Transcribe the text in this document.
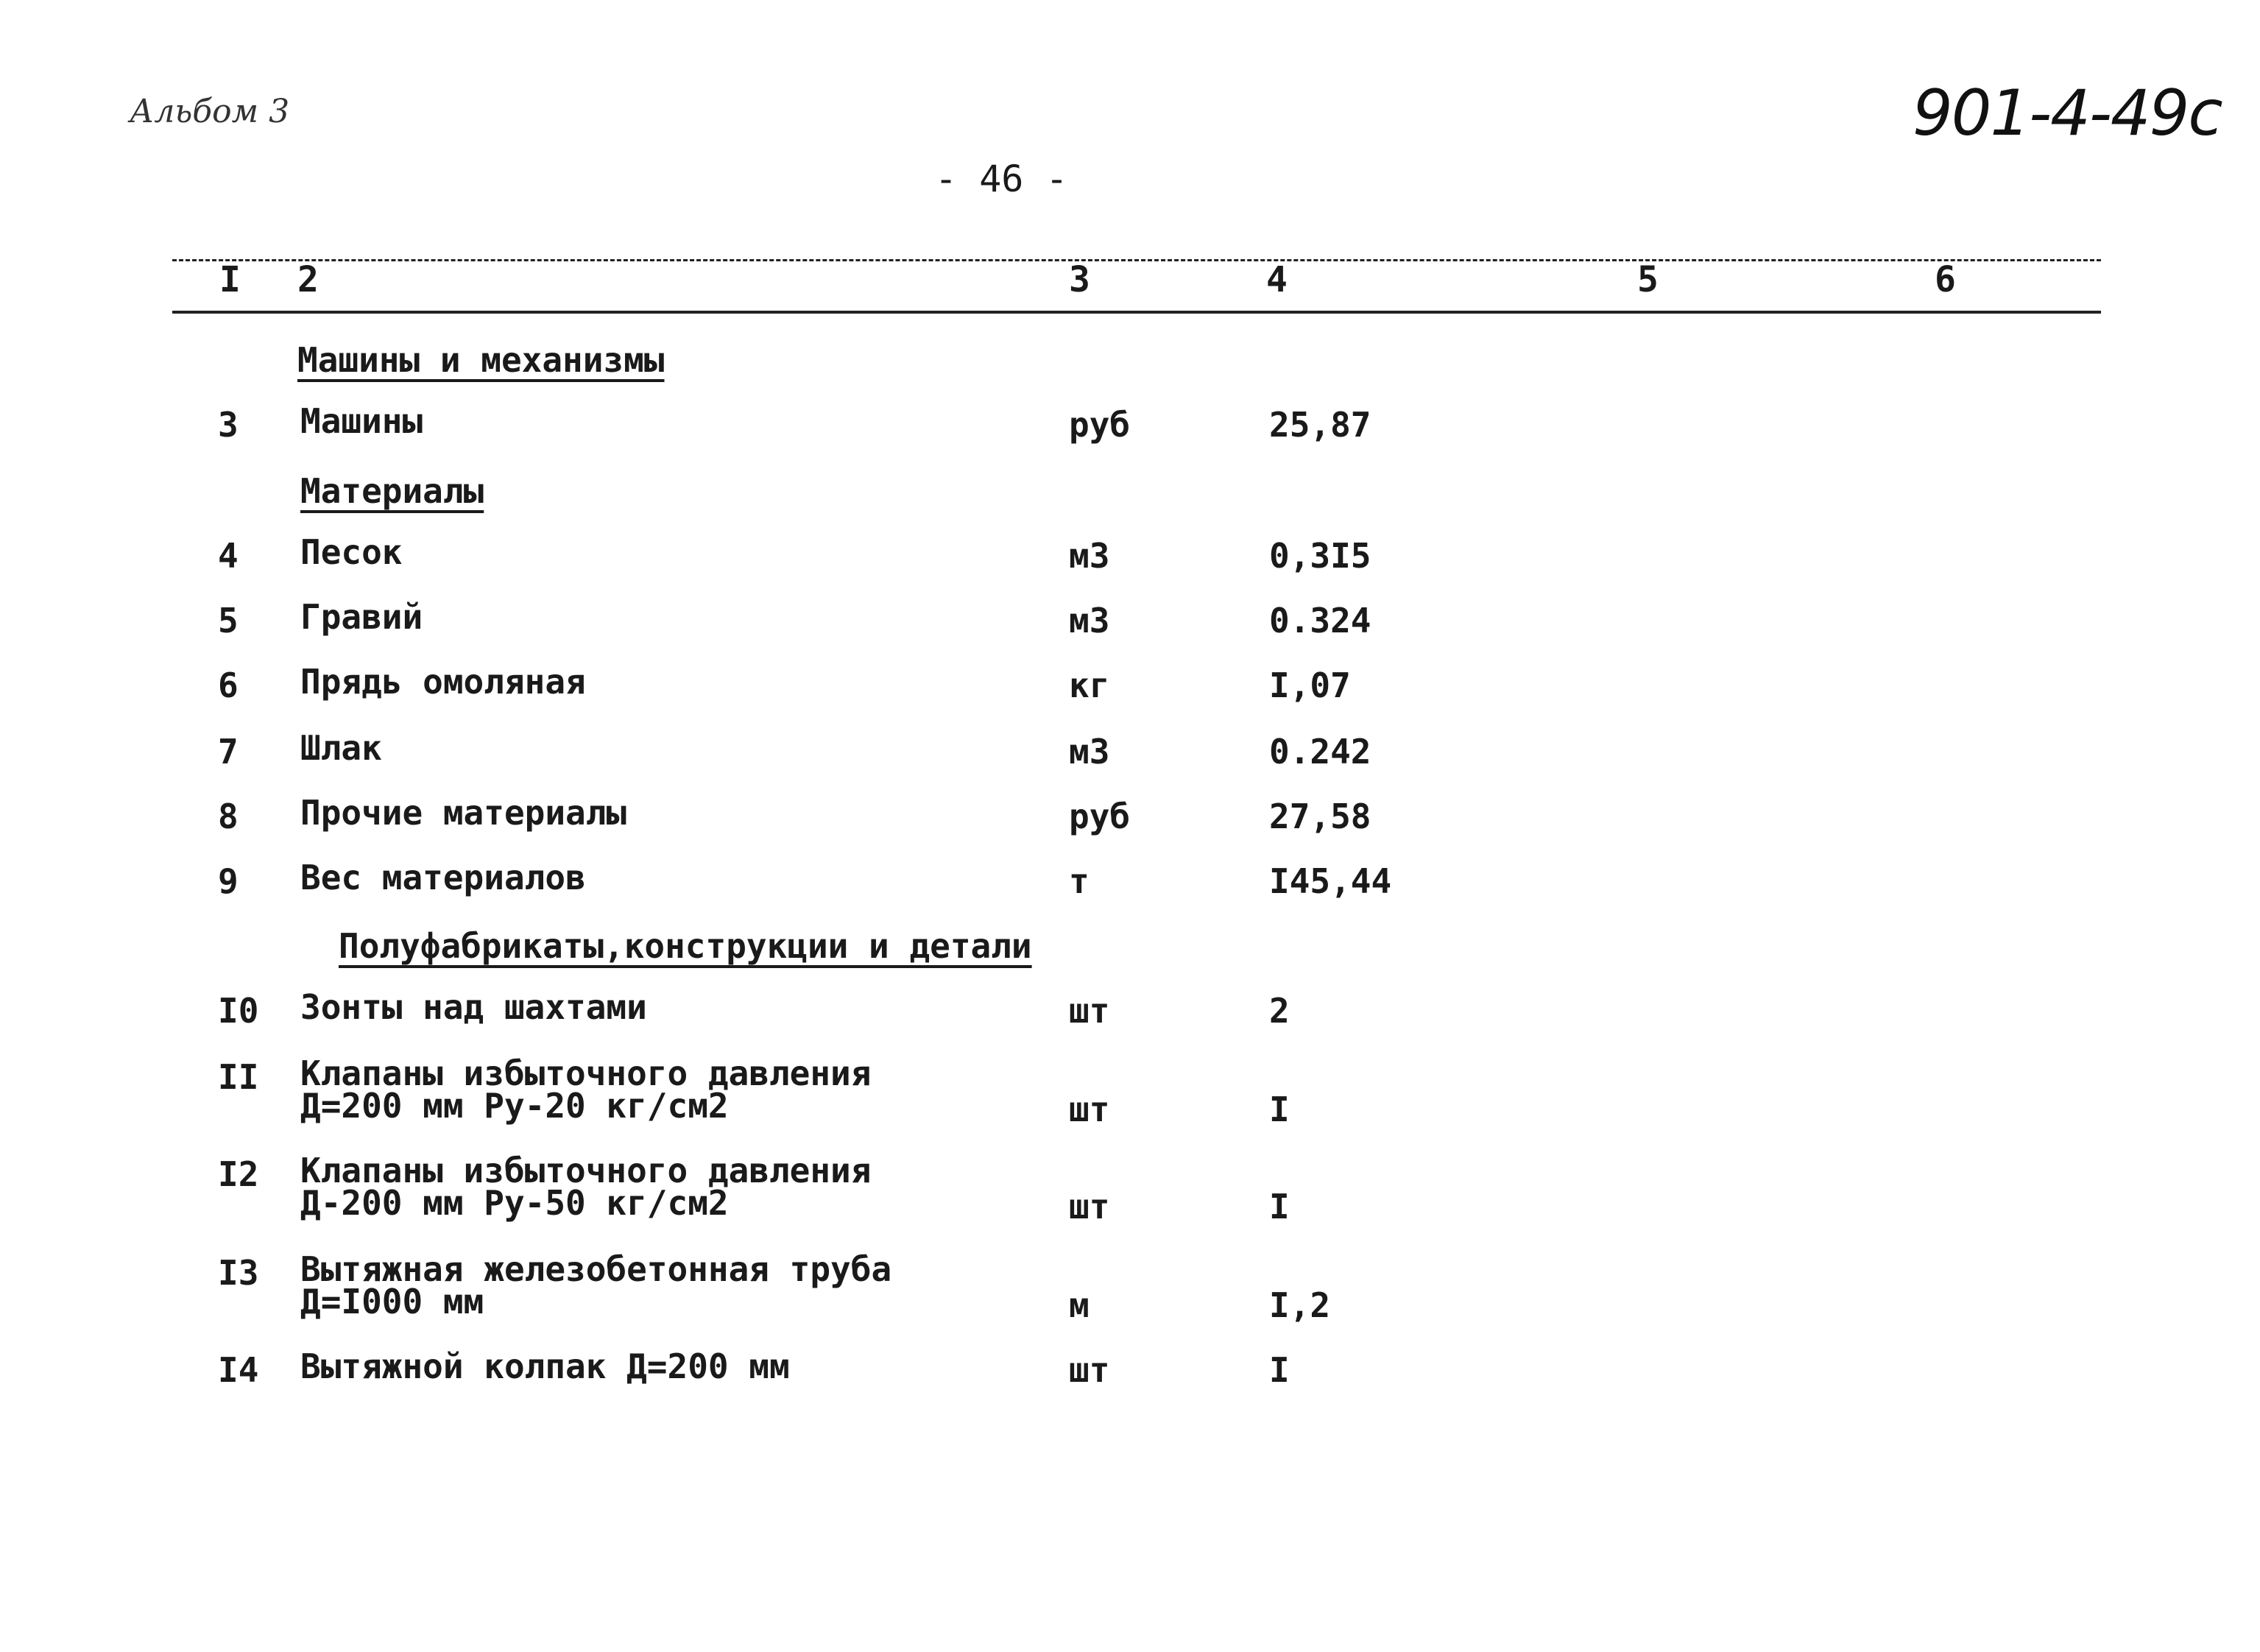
Альбом 3	901-4-49с
- 46 -
I 2	3	4	5	6
Машины и механизмы
3 Машины	руб	25,87
Материалы
4 Песок	м3	0,3I5
5 Гравий	м3	0.324
6 Прядь омоляная	кг	I,07
7 Шлак	м3	0.242
8 Прочие материалы	руб	27,58
9 Вес материалов	т	I45,44
Полуфабрикаты,конструкции и детали
I0 Зонты над шахтами	шт	2
II Клапаны избыточного давления
Д=200 мм Ру-20 кг/см2	шт	I
I2 Клапаны избыточного давления
Д-200 мм Ру-50 кг/см2	шт	I
I3 Вытяжная железобетонная труба
Д=I000 мм	м	I,2
I4 Вытяжной колпак Д=200 мм	шт	I
